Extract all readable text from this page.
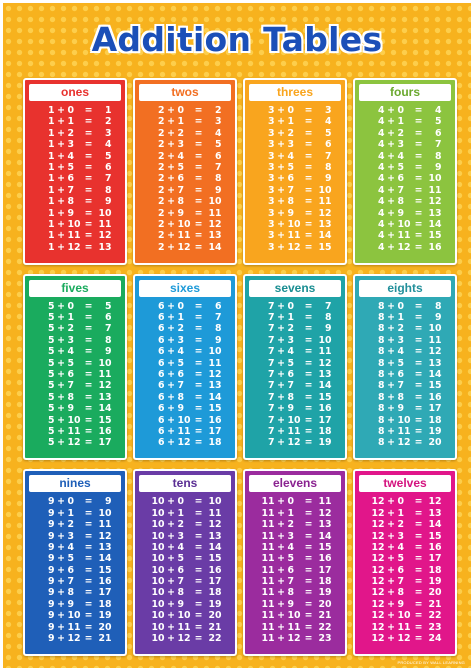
Addition Tables
ones
1 + 0	=	1
1 + 1	=	2
1 + 2	=	3
1 + 3	=	4
1 + 4	=	5
1 + 5	=	6
1 + 6	=	7
1 + 7	=	8
1 + 8	=	9
1 + 9	= 10
1 + 10 = 11
1 + 11 = 12
1 + 12 = 13
twos
2 + 0	=	2
2 + 1	=	3
2 + 2	=	4
2 + 3	=	5
2 + 4	=	6
2 + 5	=	7
2 + 6	=	8
2 + 7	=	9
2 + 8	= 10
2 + 9	= 11
2 + 10 = 12
2 + 11 = 13
2 + 12 = 14
threes
3 + 0	=	3
3 + 1	=	4
3 + 2	=	5
3 + 3	=	6
3 + 4	=	7
3 + 5	=	8
3 + 6	=	9
3 + 7	= 10
3 + 8	= 11
3 + 9	= 12
3 + 10 = 13
3 + 11 = 14
3 + 12 = 15
fours
4 + 0	=	4
4 + 1	=	5
4 + 2	=	6
4 + 3	=	7
4 + 4	=	8
4 + 5	=	9
4 + 6	= 10
4 + 7	= 11
4 + 8	= 12
4 + 9	= 13
4 + 10 = 14
4 + 11 = 15
4 + 12 = 16
fives
5 + 0	=	5
5 + 1	=	6
5 + 2	=	7
5 + 3	=	8
5 + 4	=	9
5 + 5	= 10
5 + 6	= 11
5 + 7	= 12
5 + 8	= 13
5 + 9	= 14
5 + 10 = 15
5 + 11 = 16
5 + 12 = 17
sixes
6 + 0	=	6
6 + 1	=	7
6 + 2	=	8
6 + 3	=	9
6 + 4	= 10
6 + 5	= 11
6 + 6	= 12
6 + 7	= 13
6 + 8	= 14
6 + 9	= 15
6 + 10 = 16
6 + 11 = 17
6 + 12 = 18
sevens
7 + 0	=	7
7 + 1	=	8
7 + 2	=	9
7 + 3	= 10
7 + 4	= 11
7 + 5	= 12
7 + 6	= 13
7 + 7	= 14
7 + 8	= 15
7 + 9	= 16
7 + 10 = 17
7 + 11 = 18
7 + 12 = 19
eights
8 + 0	=	8
8 + 1	=	9
8 + 2	= 10
8 + 3	= 11
8 + 4	= 12
8 + 5	= 13
8 + 6	= 14
8 + 7	= 15
8 + 8	= 16
8 + 9	= 17
8 + 10 = 18
8 + 11 = 19
8 + 12 = 20
nines
9 + 0	=	9
9 + 1	= 10
9 + 2	= 11
9 + 3	= 12
9 + 4	= 13
9 + 5	= 14
9 + 6	= 15
9 + 7	= 16
9 + 8	= 17
9 + 9	= 18
9 + 10 = 19
9 + 11 = 20
9 + 12 = 21
tens
10 + 0	= 10
10 + 1	= 11
10 + 2	= 12
10 + 3	= 13
10 + 4	= 14
10 + 5	= 15
10 + 6	= 16
10 + 7	= 17
10 + 8	= 18
10 + 9	= 19
10 + 10 = 20
10 + 11 = 21
10 + 12 = 22
elevens
11 + 0	= 11
11 + 1	= 12
11 + 2	= 13
11 + 3	= 14
11 + 4	= 15
11 + 5	= 16
11 + 6	= 17
11 + 7	= 18
11 + 8	= 19
11 + 9	= 20
11 + 10 = 21
11 + 11 = 22
11 + 12 = 23
twelves
12 + 0	= 12
12 + 1	= 13
12 + 2	= 14
12 + 3	= 15
12 + 4	= 16
12 + 5	= 17
12 + 6	= 18
12 + 7	= 19
12 + 8	= 20
12 + 9	= 21
12 + 10 = 22
12 + 11 = 23
12 + 12 = 24
PRODUCED BY WALL LEARNING
